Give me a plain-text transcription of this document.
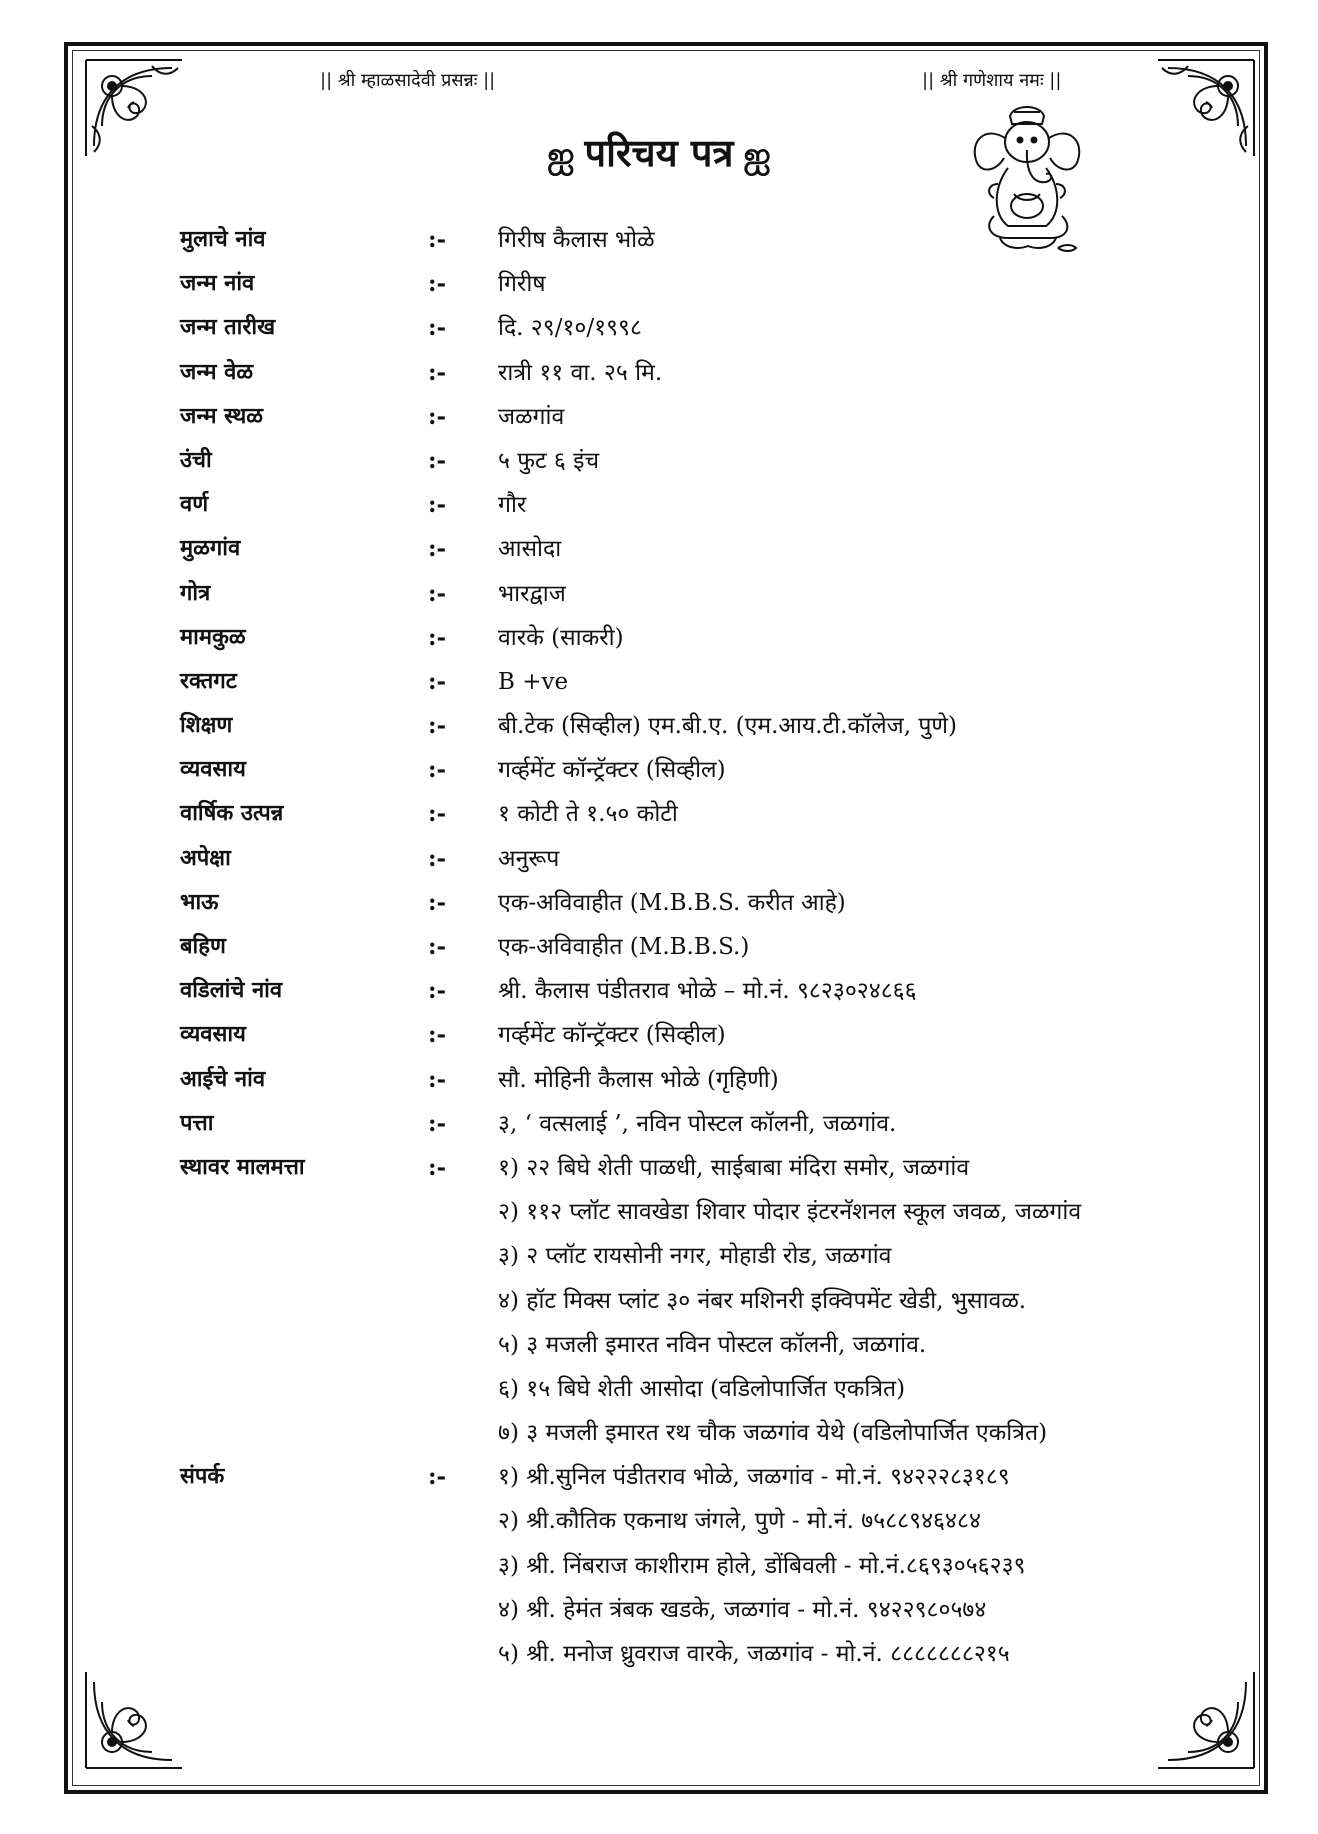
|| श्री म्हाळसादेवी प्रसन्नः ||	|| श्री गणेशाय नमः ||
ஐ परिचय पत्र ஐ
मुलाचे नांव	:- गिरीष कैलास भोळे
जन्म नांव	:- गिरीष
जन्म तारीख	:- दि. २९/१०/१९९८
जन्म वेळ	:- रात्री ११ वा. २५ मि.
जन्म स्थळ	:- जळगांव
उंची	:- ५ फुट ६ इंच
वर्ण	:- गौर
मुळगांव	:- आसोदा
गोत्र	:- भारद्वाज
मामकुळ	:- वारके (साकरी)
रक्तगट	:- B +ve
शिक्षण	:- बी.टेक (सिव्हील) एम.बी.ए. (एम.आय.टी.कॉलेज, पुणे)
व्यवसाय	:- गर्व्हमेंट कॉन्ट्रॅक्टर (सिव्हील)
वार्षिक उत्पन्न	:- १ कोटी ते १.५० कोटी
अपेक्षा	:- अनुरूप
भाऊ	:- एक-अविवाहीत (M.B.B.S. करीत आहे)
बहिण	:- एक-अविवाहीत (M.B.B.S.)
वडिलांचे नांव	:- श्री. कैलास पंडीतराव भोळे – मो.नं. ९८२३०२४८६६
व्यवसाय	:- गर्व्हमेंट कॉन्ट्रॅक्टर (सिव्हील)
आईचे नांव	:- सौ. मोहिनी कैलास भोळे (गृहिणी)
पत्ता	:- ३, ‘ वत्सलाई ’, नविन पोस्टल कॉलनी, जळगांव.
स्थावर मालमत्ता	:- १) २२ बिघे शेती पाळधी, साईबाबा मंदिरा समोर, जळगांव
२) ११२ प्लॉट सावखेडा शिवार पोदार इंटरनॅशनल स्कूल जवळ, जळगांव
३) २ प्लॉट रायसोनी नगर, मोहाडी रोड, जळगांव
४) हॉट मिक्स प्लांट ३० नंबर मशिनरी इक्विपमेंट खेडी, भुसावळ.
५) ३ मजली इमारत नविन पोस्टल कॉलनी, जळगांव.
६) १५ बिघे शेती आसोदा (वडिलोपार्जित एकत्रित)
७) ३ मजली इमारत रथ चौक जळगांव येथे (वडिलोपार्जित एकत्रित)
संपर्क	:- १) श्री.सुनिल पंडीतराव भोळे, जळगांव - मो.नं. ९४२२२८३१८९
२) श्री.कौतिक एकनाथ जंगले, पुणे - मो.नं. ७५८८९४६४८४
३) श्री. निंबराज काशीराम होले, डोंबिवली - मो.नं.८६९३०५६२३९
४) श्री. हेमंत त्रंबक खडके, जळगांव - मो.नं. ९४२२९८०५७४
५) श्री. मनोज ध्रुवराज वारके, जळगांव - मो.नं. ८८८८८८८२१५
